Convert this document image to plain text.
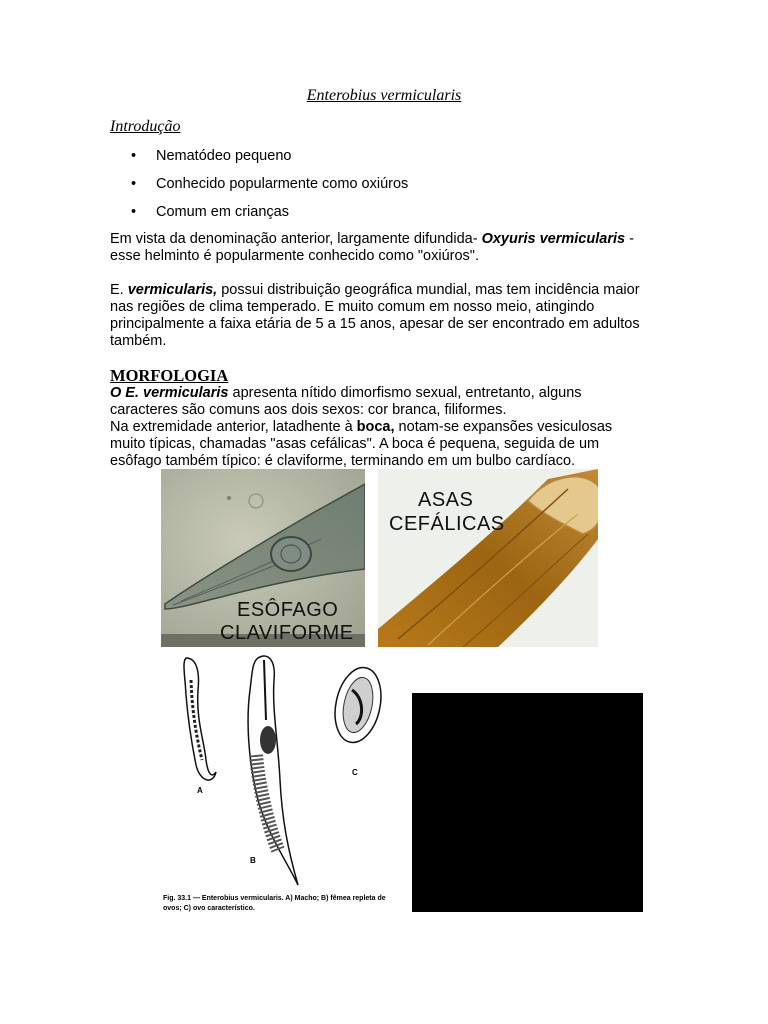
Enterobius vermicularis
Introdução
• Nematódeo pequeno
• Conhecido popularmente como oxiúros
• Comum em crianças

Em vista da denominação anterior, largamente difundida- Oxyuris vermicularis - esse helminto é popularmente conhecido como "oxiúros".

E. vermicularis, possui distribuição geográfica mundial, mas tem incidência maior nas regiões de clima temperado. E muito comum em nosso meio, atingindo principalmente a faixa etária de 5 a 15 anos, apesar de ser encontrado em adultos também.

MORFOLOGIA

O E. vermicularis apresenta nítido dimorfismo sexual, entretanto, alguns caracteres são comuns aos dois sexos: cor branca, filiformes.
Na extremidade anterior, latadhente à boca, notam-se expansões vesiculosas muito típicas, chamadas "asas cefálicas". A boca é pequena, seguida de um esôfago também típico: é claviforme, terminando em um bulbo cardíaco.

ESÔFAGO
CLAVIFORME
ASAS
CEFÁLICAS
A
B
C
Fig. 33.1 — Enterobius vermicularis. A) Macho; B) fêmea repleta de ovos; C) ovo característico.
